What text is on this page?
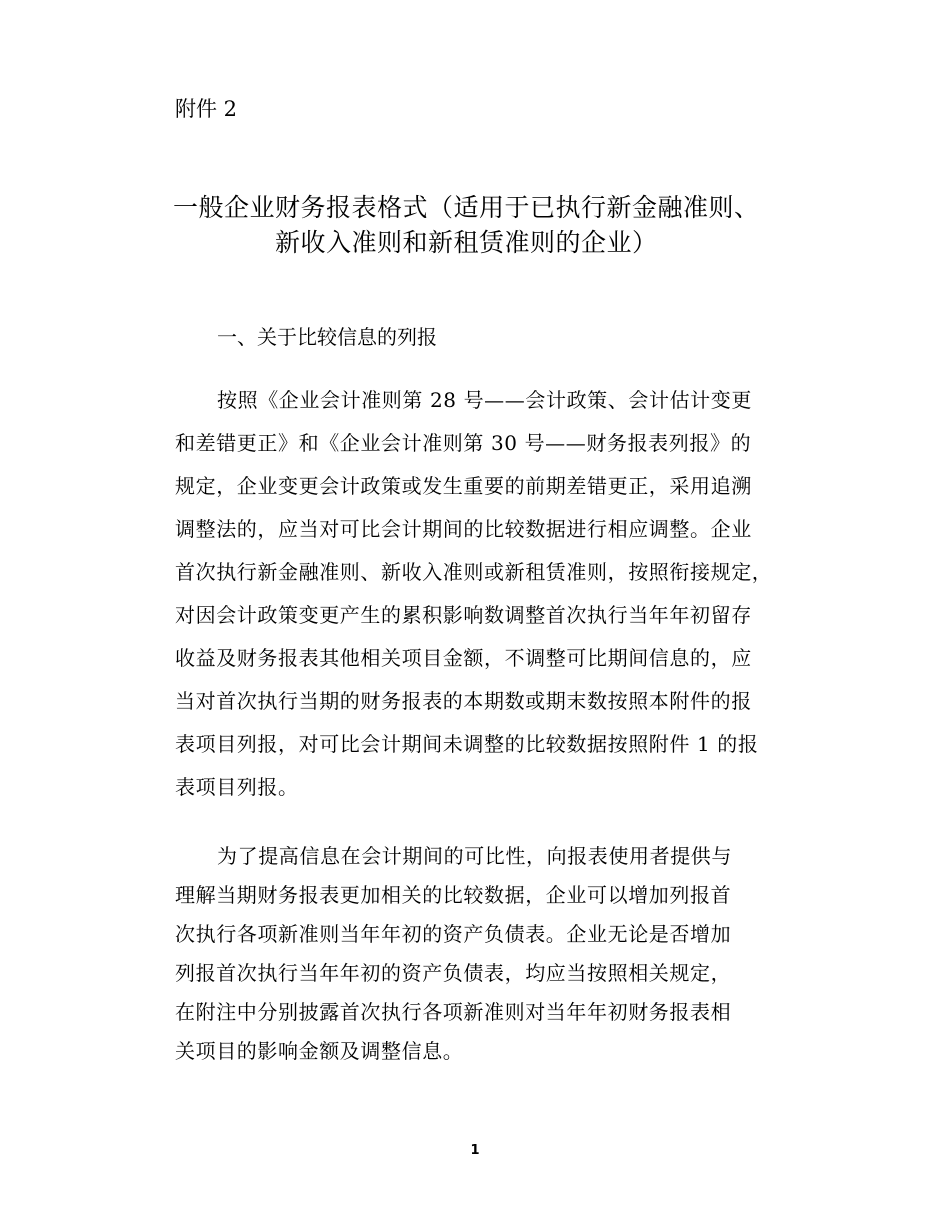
附件 2
一般企业财务报表格式（适用于已执行新金融准则、
新收入准则和新租赁准则的企业）
一、关于比较信息的列报
按照《企业会计准则第 28 号——会计政策、会计估计变更
和差错更正》和《企业会计准则第 30 号——财务报表列报》的
规定，企业变更会计政策或发生重要的前期差错更正，采用追溯
调整法的，应当对可比会计期间的比较数据进行相应调整。企业
首次执行新金融准则、新收入准则或新租赁准则，按照衔接规定，
对因会计政策变更产生的累积影响数调整首次执行当年年初留存
收益及财务报表其他相关项目金额，不调整可比期间信息的，应
当对首次执行当期的财务报表的本期数或期末数按照本附件的报
表项目列报，对可比会计期间未调整的比较数据按照附件 1 的报
表项目列报。
为了提高信息在会计期间的可比性，向报表使用者提供与
理解当期财务报表更加相关的比较数据，企业可以增加列报首
次执行各项新准则当年年初的资产负债表。企业无论是否增加
列报首次执行当年年初的资产负债表，均应当按照相关规定，
在附注中分别披露首次执行各项新准则对当年年初财务报表相
关项目的影响金额及调整信息。
1
